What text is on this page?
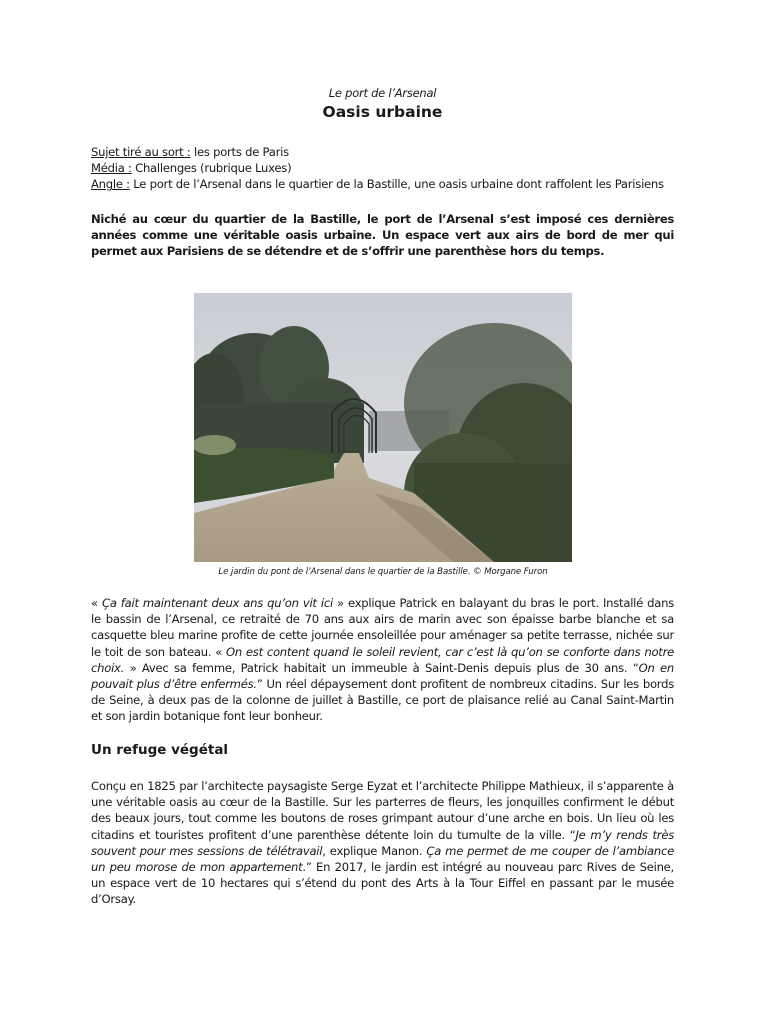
Le port de l’Arsenal
Oasis urbaine

Sujet tiré au sort : les ports de Paris

Média : Challenges (rubrique Luxes)

Angle : Le port de l’Arsenal dans le quartier de la Bastille, une oasis urbaine dont raffolent les Parisiens

Niché au cœur du quartier de la Bastille, le port de l’Arsenal s’est imposé ces dernières années comme une véritable oasis urbaine. Un espace vert aux airs de bord de mer qui permet aux Parisiens de se détendre et de s’offrir une parenthèse hors du temps.
Le jardin du pont de l’Arsenal dans le quartier de la Bastille. © Morgane Furon

« Ça fait maintenant deux ans qu’on vit ici » explique Patrick en balayant du bras le port. Installé dans le bassin de l’Arsenal, ce retraité de 70 ans aux airs de marin avec son épaisse barbe blanche et sa casquette bleu marine profite de cette journée ensoleillée pour aménager sa petite terrasse, nichée sur le toit de son bateau. « On est content quand le soleil revient, car c’est là qu’on se conforte dans notre choix. » Avec sa femme, Patrick habitait un immeuble à Saint-Denis depuis plus de 30 ans. “On en pouvait plus d’être enfermés.” Un réel dépaysement dont profitent de nombreux citadins. Sur les bords de Seine, à deux pas de la colonne de juillet à Bastille, ce port de plaisance relié au Canal Saint-Martin et son jardin botanique font leur bonheur.

Un refuge végétal

Conçu en 1825 par l’architecte paysagiste Serge Eyzat et l’architecte Philippe Mathieux, il s’apparente à une véritable oasis au cœur de la Bastille. Sur les parterres de fleurs, les jonquilles confirment le début des beaux jours, tout comme les boutons de roses grimpant autour d’une arche en bois. Un lieu où les citadins et touristes profitent d’une parenthèse détente loin du tumulte de la ville. “Je m’y rends très souvent pour mes sessions de télétravail, explique Manon. Ça me permet de me couper de l’ambiance un peu morose de mon appartement.” En 2017, le jardin est intégré au nouveau parc Rives de Seine, un espace vert de 10 hectares qui s’étend du pont des Arts à la Tour Eiffel en passant par le musée d’Orsay.
